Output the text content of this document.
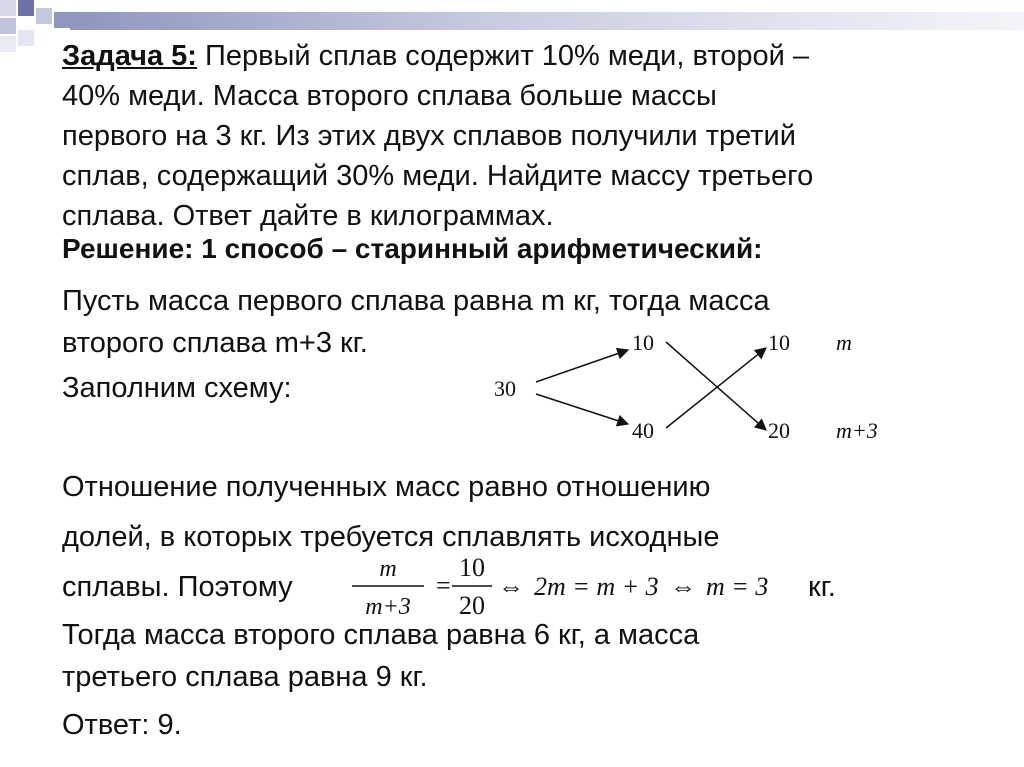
Задача 5: Первый сплав содержит 10% меди, второй –
40% меди. Масса второго сплава больше массы
первого на 3 кг. Из этих двух сплавов получили третий
сплав, содержащий 30% меди. Найдите массу третьего
сплава. Ответ дайте в килограммах.
Решение: 1 способ – старинный арифметический:
Пусть масса первого сплава равна m кг, тогда масса
второго сплава m+3 кг.
Заполним схему:	30
10
40
10
20
m
m+3
Отношение полученных масс равно отношению
долей, в которых требуется сплавлять исходные
сплавы. Поэтому	кг.
m
m+3
=
10
20
⇔ 2m = m + 3 ⇔ m = 3
Тогда масса второго сплава равна 6 кг, а масса
третьего сплава равна 9 кг.
Ответ: 9.
